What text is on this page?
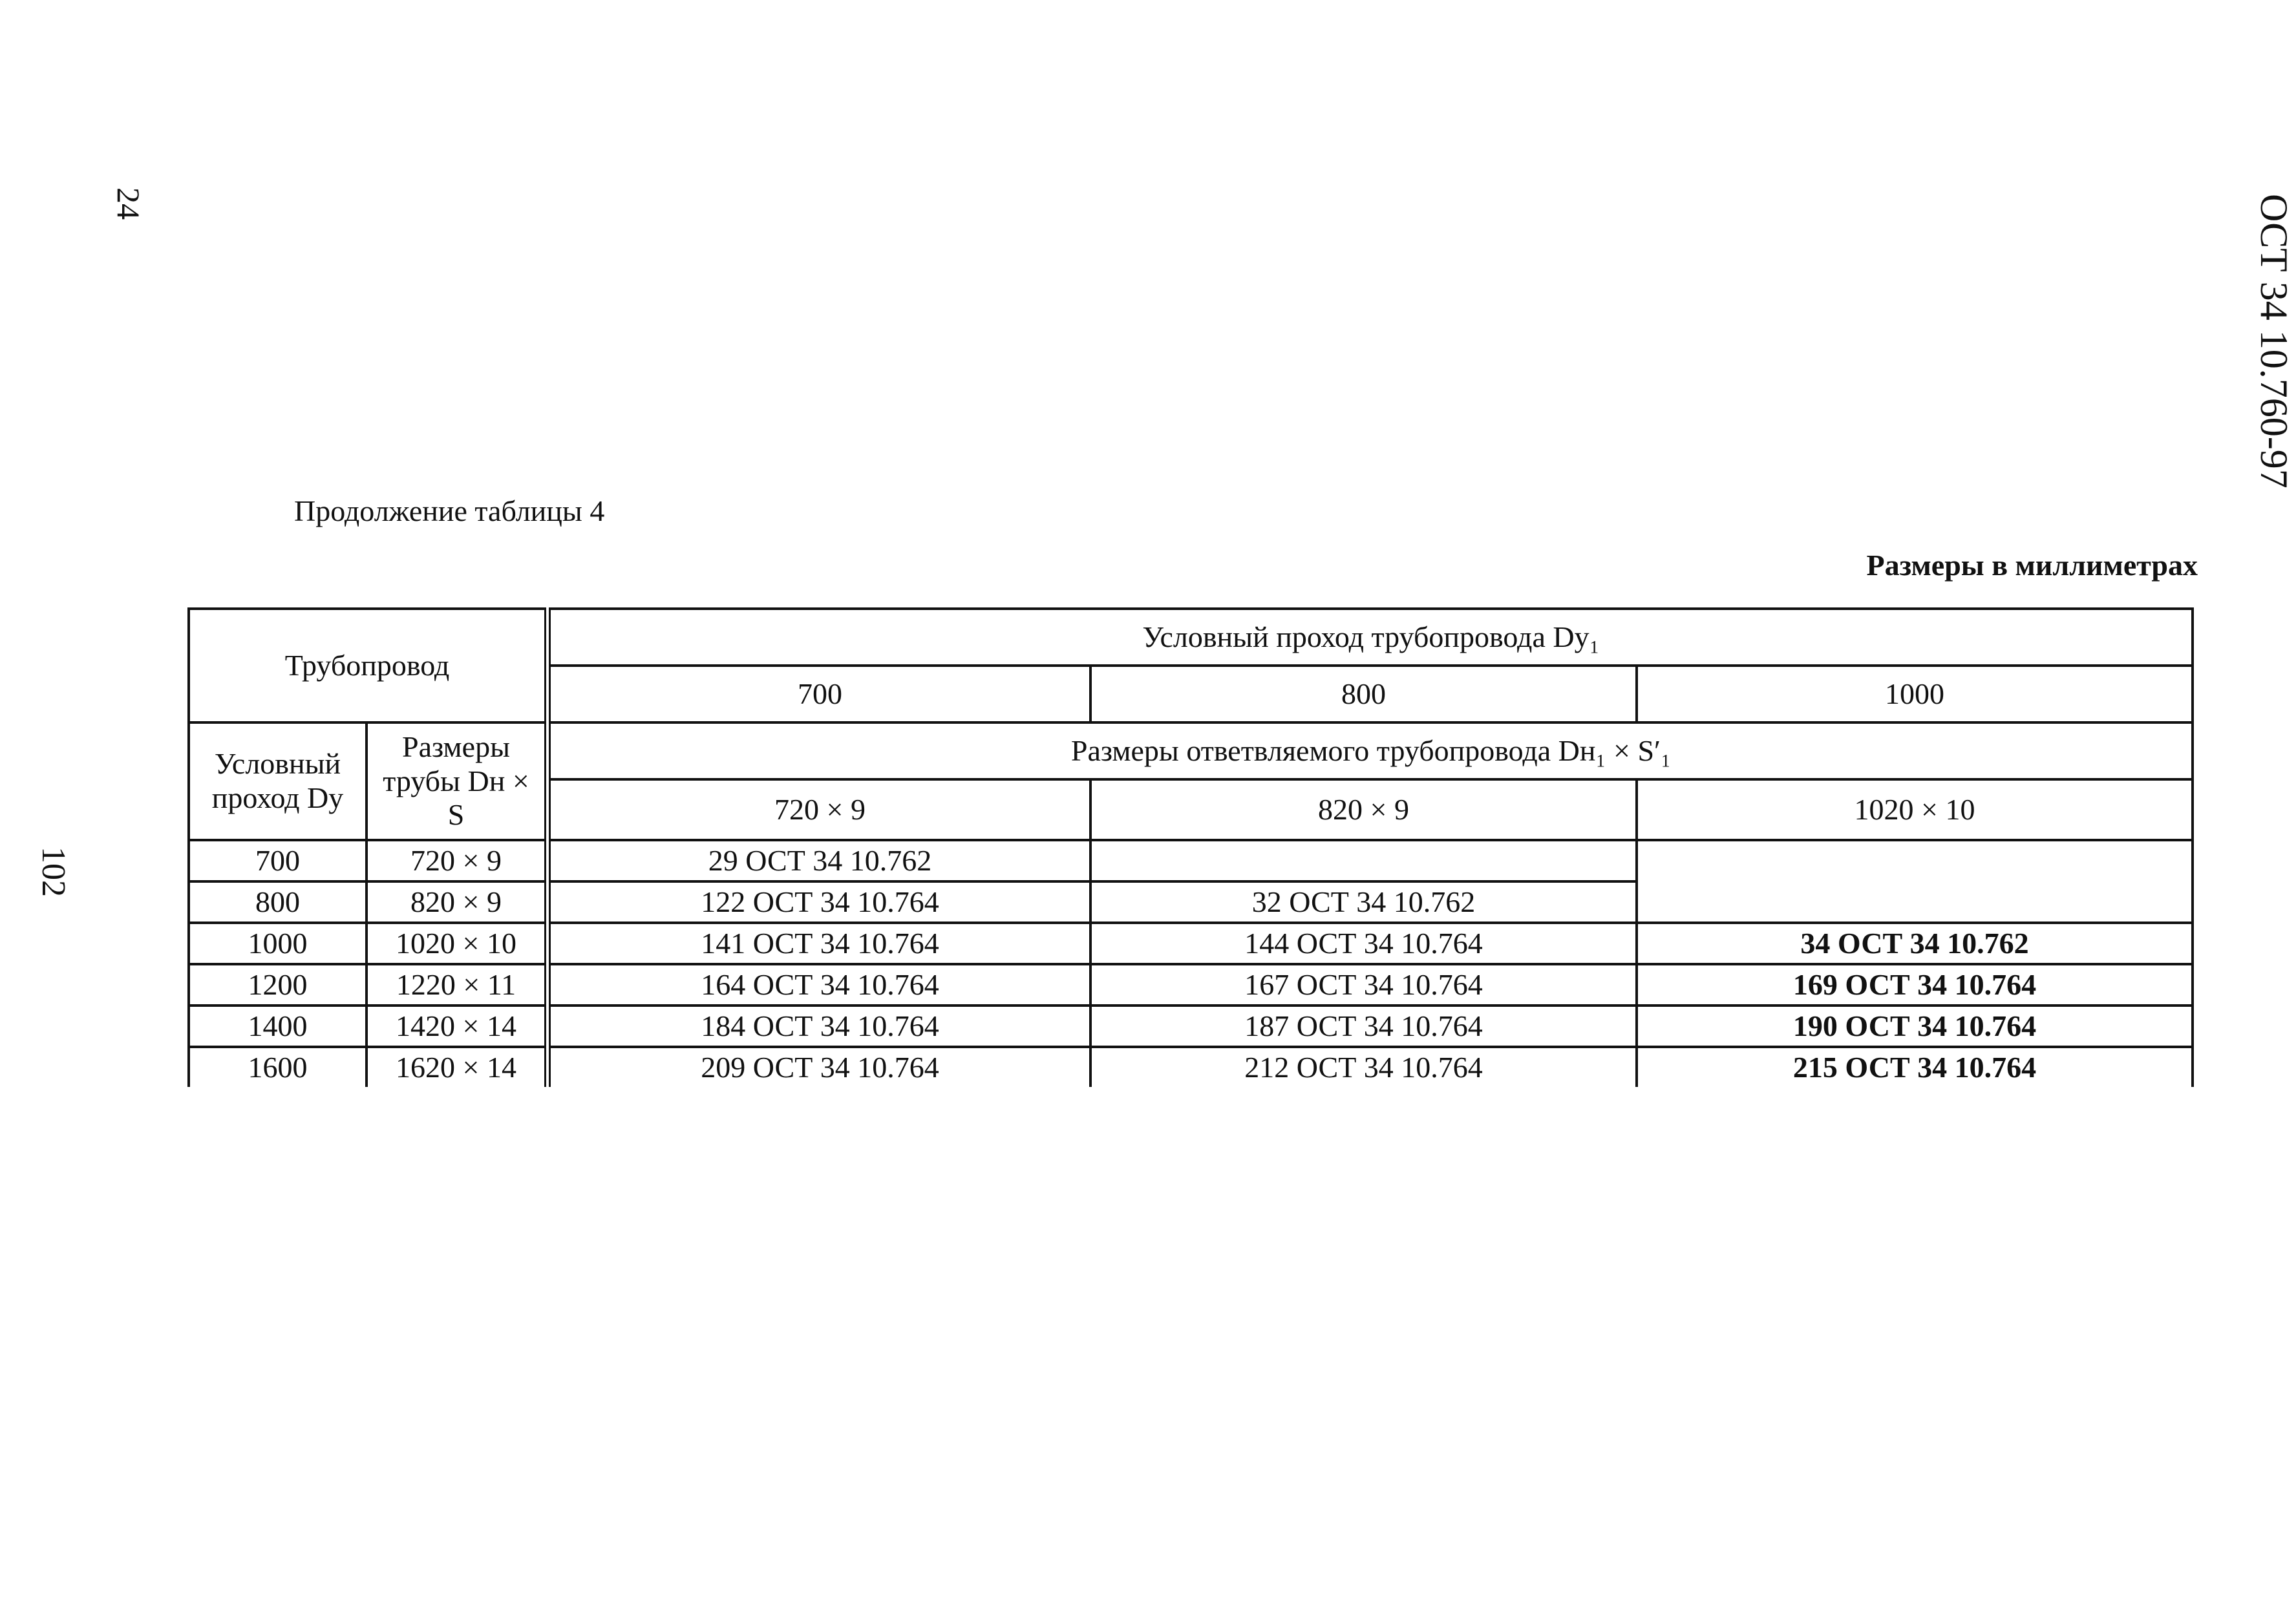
24
102
ОСТ 34 10.760-97
Продолжение таблицы 4
Размеры в миллиметрах
Трубопровод		Условный проход трубопровода Dy₁		
		700	800	1000
Условный проход Dy	Размеры трубы Dн × S	Размеры ответвляемого трубопровода Dн₁ × S′₁		
		720 × 9	820 × 9	1020 × 10
700	720 × 9	29 ОСТ 34 10.762		
800	820 × 9	122 ОСТ 34 10.764	32 ОСТ 34 10.762	
1000	1020 × 10	141 ОСТ 34 10.764	144 ОСТ 34 10.764	34 ОСТ 34 10.762
1200	1220 × 11	164 ОСТ 34 10.764	167 ОСТ 34 10.764	169 ОСТ 34 10.764
1400	1420 × 14	184 ОСТ 34 10.764	187 ОСТ 34 10.764	190 ОСТ 34 10.764
1600	1620 × 14	209 ОСТ 34 10.764	212 ОСТ 34 10.764	215 ОСТ 34 10.764
